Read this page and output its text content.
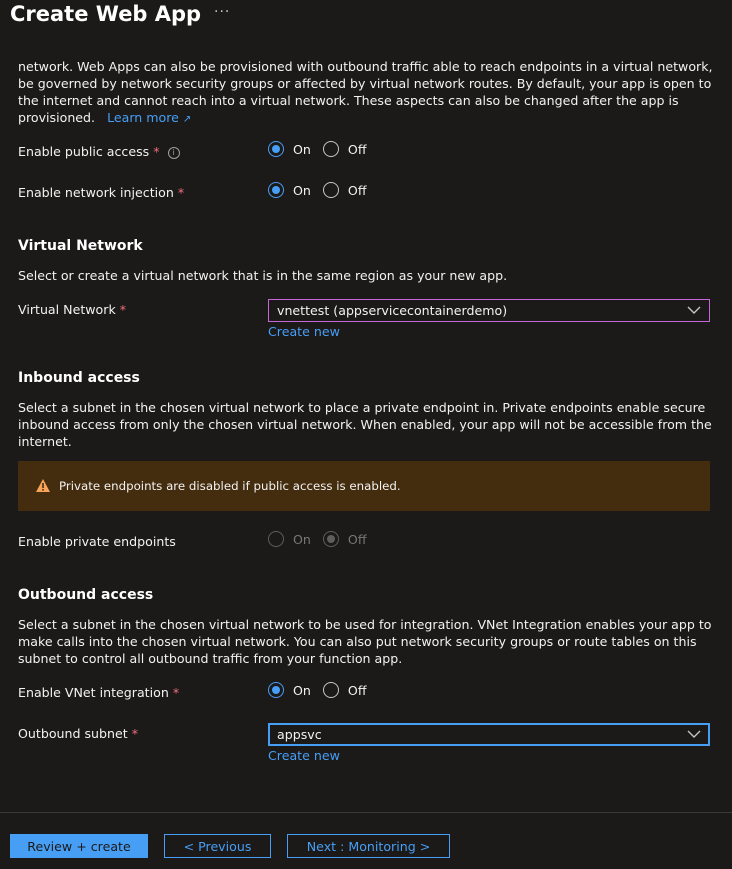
network. Web Apps can also be provisioned with outbound traffic able to reach endpoints in a virtual network, be governed by network security groups or affected by virtual network routes. By default, your app is open to the internet and cannot reach into a virtual network. These aspects can also be changed after the app is provisioned. Learn more ↗
Enable public access * i	On	Off
Enable network injection *	On	Off
Virtual Network
Select or create a virtual network that is in the same region as your new app.
Virtual Network *	vnettest (appservicecontainerdemo)
Create new
Inbound access
Select a subnet in the chosen virtual network to place a private endpoint in. Private endpoints enable secure inbound access from only the chosen virtual network. When enabled, your app will not be accessible from the internet.
Private endpoints are disabled if public access is enabled.
Enable private endpoints	On	Off
Outbound access
Select a subnet in the chosen virtual network to be used for integration. VNet Integration enables your app to make calls into the chosen virtual network. You can also put network security groups or route tables on this subnet to control all outbound traffic from your function app.
Enable VNet integration *	On	Off
Outbound subnet *	appsvc
Create new
Create Web App ···
Review + create	< Previous	Next : Monitoring >
